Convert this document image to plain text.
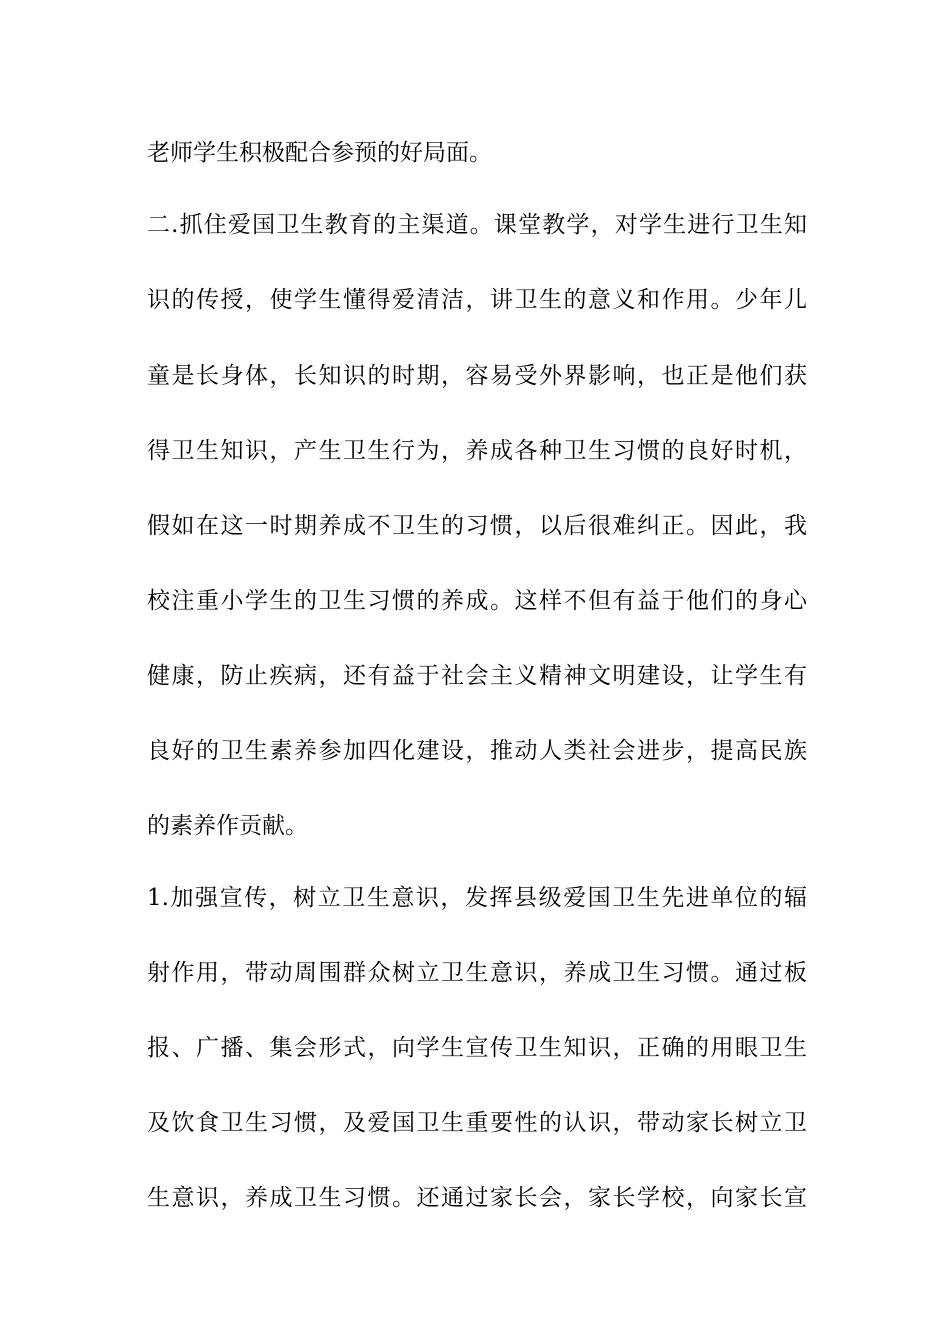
老师学生积极配合参预的好局面。
二.抓住爱国卫生教育的主渠道。课堂教学，对学生进行卫生知
识的传授，使学生懂得爱清洁，讲卫生的意义和作用。少年儿
童是长身体，长知识的时期，容易受外界影响，也正是他们获
得卫生知识，产生卫生行为，养成各种卫生习惯的良好时机，
假如在这一时期养成不卫生的习惯，以后很难纠正。因此，我
校注重小学生的卫生习惯的养成。这样不但有益于他们的身心
健康，防止疾病，还有益于社会主义精神文明建设，让学生有
良好的卫生素养参加四化建设，推动人类社会进步，提高民族
的素养作贡献。
1.加强宣传，树立卫生意识，发挥县级爱国卫生先进单位的辐
射作用，带动周围群众树立卫生意识，养成卫生习惯。通过板
报、广播、集会形式，向学生宣传卫生知识，正确的用眼卫生
及饮食卫生习惯，及爱国卫生重要性的认识，带动家长树立卫
生意识，养成卫生习惯。还通过家长会，家长学校，向家长宣
